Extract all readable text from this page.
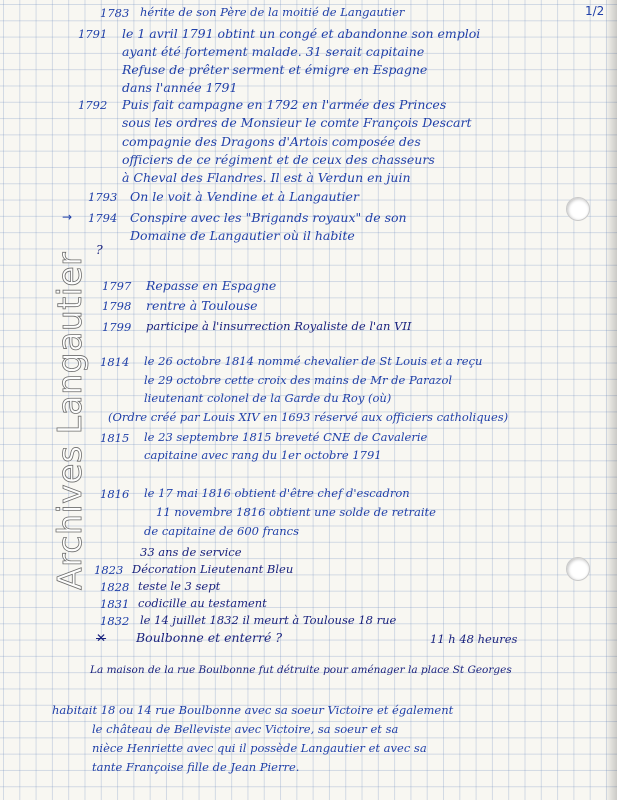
Archives Langautier
1/2
1783 hérite de son Père de la moitié de Langautier
1791 le 1 avril 1791 obtint un congé et abandonne son emploi
ayant été fortement malade. 31 serait capitaine
Refuse de prêter serment et émigre en Espagne
dans l'année 1791
1792 Puis fait campagne en 1792 en l'armée des Princes
sous les ordres de Monsieur le comte François Descart
compagnie des Dragons d'Artois composée des
officiers de ce régiment et de ceux des chasseurs
à Cheval des Flandres. Il est à Verdun en juin
1793 On le voit à Vendine et à Langautier
→ 1794 Conspire avec les "Brigands royaux" de son
Domaine de Langautier où il habite
?
1797 Repasse en Espagne
1798 rentre à Toulouse
1799 participe à l'insurrection Royaliste de l'an VII
1814 le 26 octobre 1814 nommé chevalier de St Louis et a reçu
le 29 octobre cette croix des mains de Mr de Parazol
lieutenant colonel de la Garde du Roy (où)
(Ordre créé par Louis XIV en 1693 réservé aux officiers catholiques)
1815 le 23 septembre 1815 breveté CNE de Cavalerie
capitaine avec rang du 1er octobre 1791
1816 le 17 mai 1816 obtient d'être chef d'escadron
11 novembre 1816 obtient une solde de retraite
de capitaine de 600 francs
33 ans de service
1823 Décoration Lieutenant Bleu
1828 teste le 3 sept
1831 codicille au testament
1832 le 14 juillet 1832 il meurt à Toulouse 18 rue
✕ Boulbonne et enterré ?	11 h 48 heures
La maison de la rue Boulbonne fut détruite pour aménager la place St Georges
habitait 18 ou 14 rue Boulbonne avec sa soeur Victoire et également
le château de Belleviste avec Victoire, sa soeur et sa
nièce Henriette avec qui il possède Langautier et avec sa
tante Françoise fille de Jean Pierre.
